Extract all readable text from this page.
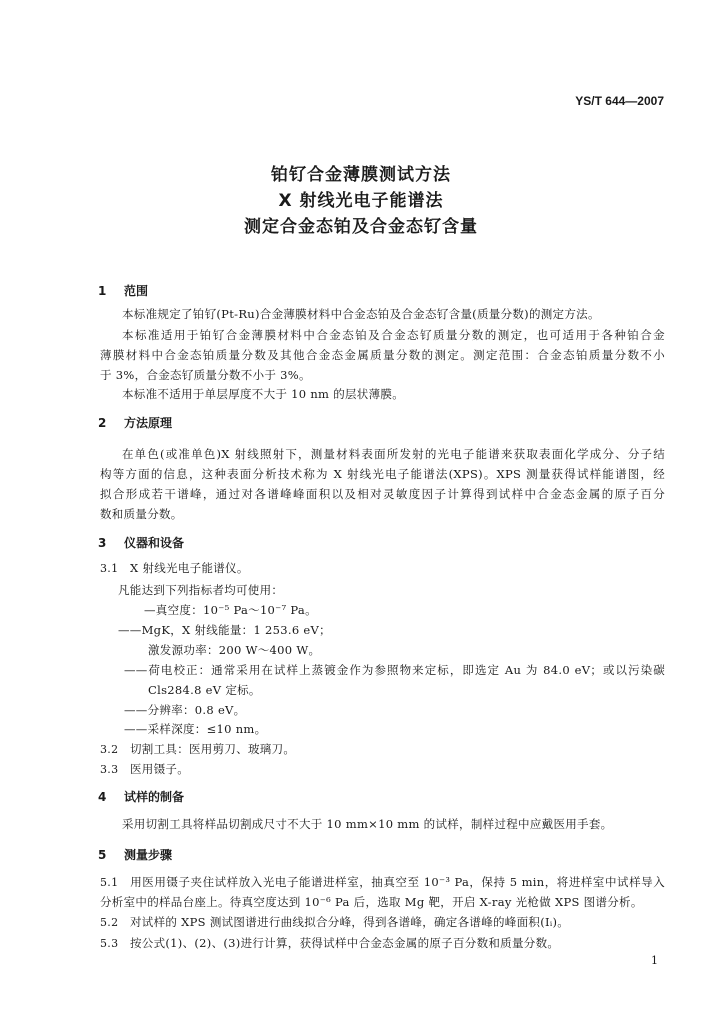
YS/T 644—2007
铂钌合金薄膜测试方法
X 射线光电子能谱法
测定合金态铂及合金态钌含量
1 范围
本标准规定了铂钌(Pt-Ru)合金薄膜材料中合金态铂及合金态钌含量(质量分数)的测定方法。
本标准适用于铂钌合金薄膜材料中合金态铂及合金态钌质量分数的测定，也可适用于各种铂合金
薄膜材料中合金态铂质量分数及其他合金态金属质量分数的测定。测定范围：合金态铂质量分数不小
于 3%，合金态钌质量分数不小于 3%。
本标准不适用于单层厚度不大于 10 nm 的层状薄膜。
2 方法原理
在单色(或准单色)X 射线照射下，测量材料表面所发射的光电子能谱来获取表面化学成分、分子结
构等方面的信息，这种表面分析技术称为 X 射线光电子能谱法(XPS)。XPS 测量获得试样能谱图，经
拟合形成若干谱峰，通过对各谱峰峰面积以及相对灵敏度因子计算得到试样中合金态金属的原子百分
数和质量分数。
3 仪器和设备
3.1 X 射线光电子能谱仪。
凡能达到下列指标者均可使用：
—真空度：10⁻⁵ Pa～10⁻⁷ Pa。
——MgK，X 射线能量：1 253.6 eV；
激发源功率：200 W～400 W。
——荷电校正：通常采用在试样上蒸镀金作为参照物来定标，即选定 Au 为 84.0 eV；或以污染碳
Cls284.8 eV 定标。
——分辨率：0.8 eV。
——采样深度：≤10 nm。
3.2 切割工具：医用剪刀、玻璃刀。
3.3 医用镊子。
4 试样的制备
采用切割工具将样品切割成尺寸不大于 10 mm×10 mm 的试样，制样过程中应戴医用手套。
5 测量步骤
5.1 用医用镊子夹住试样放入光电子能谱进样室，抽真空至 10⁻³ Pa，保持 5 min，将进样室中试样导入
分析室中的样品台座上。待真空度达到 10⁻⁶ Pa 后，选取 Mg 靶，开启 X-ray 光枪做 XPS 图谱分析。
5.2 对试样的 XPS 测试图谱进行曲线拟合分峰，得到各谱峰，确定各谱峰的峰面积(Iᵢ)。
5.3 按公式(1)、(2)、(3)进行计算，获得试样中合金态金属的原子百分数和质量分数。
1
